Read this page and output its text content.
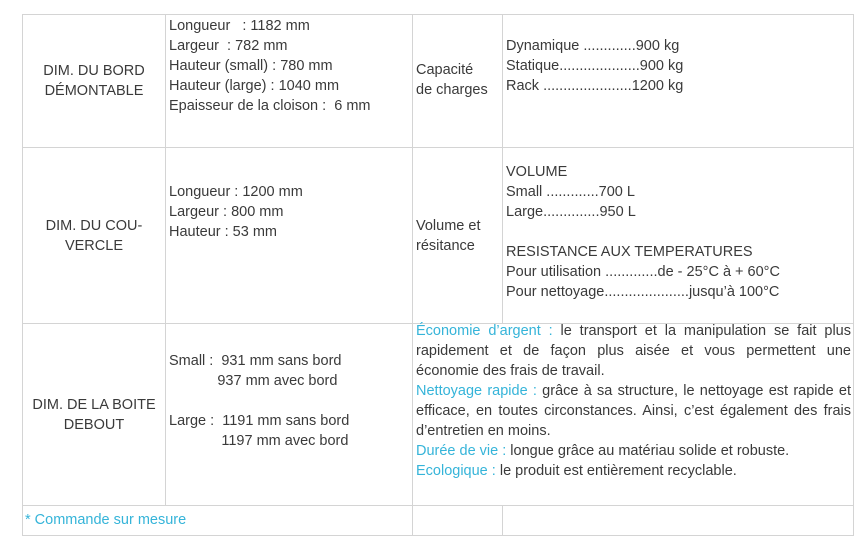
DIM. DU BORD
DÉMONTABLE
Longueur   : 1182 mm
Largeur  : 782 mm
Hauteur (small) : 780 mm
Hauteur (large) : 1040 mm
Epaisseur de la cloison :  6 mm
Capacité
de charges
Dynamique .............900 kg
Statique....................900 kg
Rack ......................1200 kg
DIM. DU COU-
VERCLE
Longueur : 1200 mm
Largeur : 800 mm
Hauteur : 53 mm	Volume et
résitance
VOLUME
Small .............700 L
Large..............950 L
RESISTANCE AUX TEMPERATURES
Pour utilisation .............de - 25°C à + 60°C
Pour nettoyage.....................jusqu’à 100°C
DIM. DE LA BOITE
DEBOUT
Small :  931 mm sans bord
937 mm avec bord
Large :  1191 mm sans bord
1197 mm avec bord
Économie d’argent : le transport et la manipulation se fait plus rapidement et de façon plus aisée et vous permettent une économie des frais de travail.
Nettoyage rapide : grâce à sa structure, le nettoyage est rapide et efficace, en toutes circonstances. Ainsi, c’est également des frais d’entretien en moins.
Durée de vie : longue grâce au matériau solide et robuste.
Ecologique : le produit est entièrement recyclable.
* Commande sur mesure
